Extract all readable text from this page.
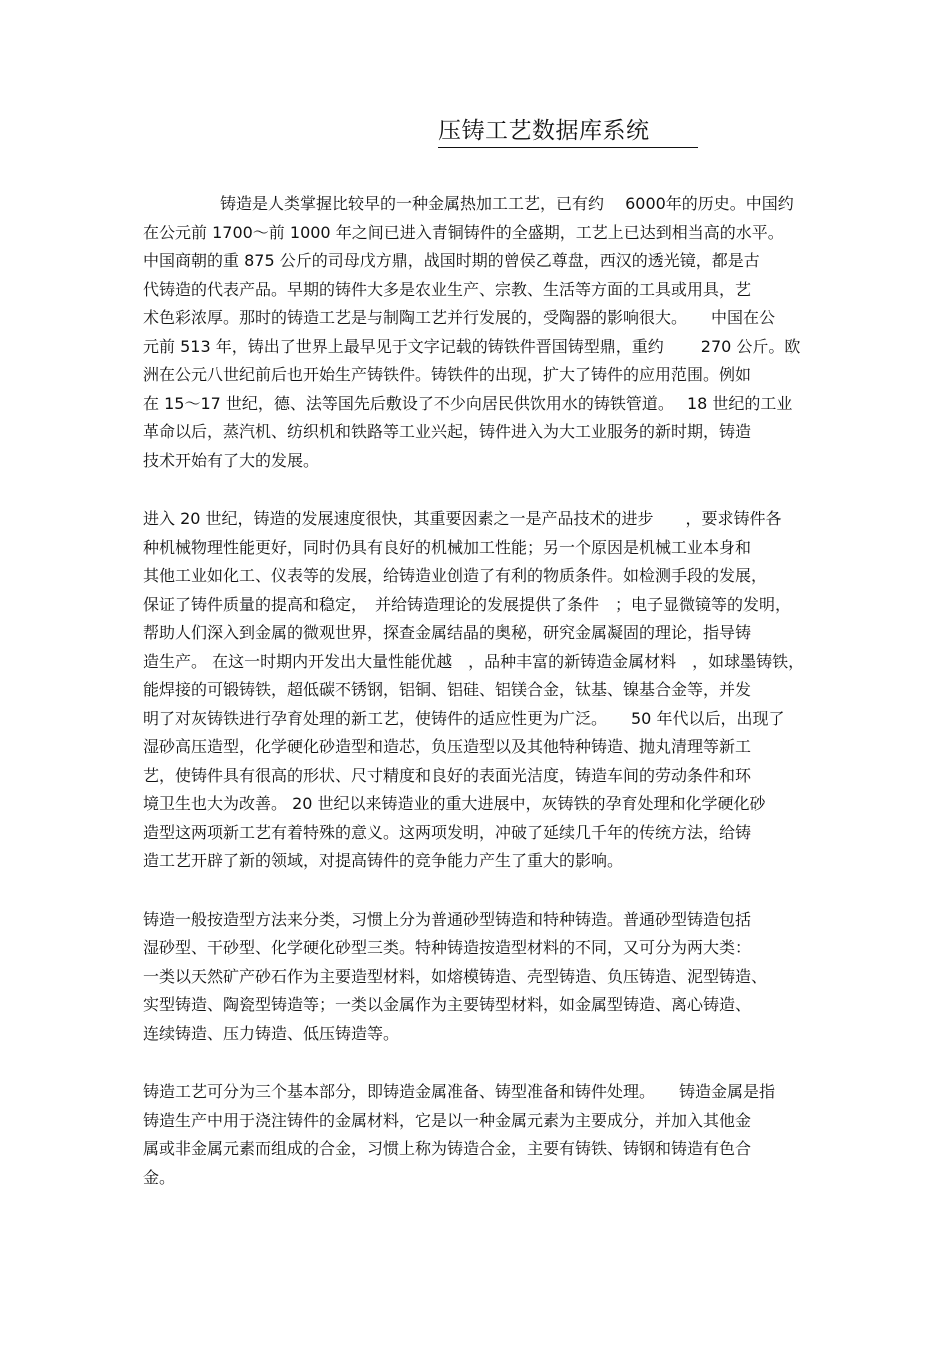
压铸工艺数据库系统
铸造是人类掌握比较早的一种金属热加工工艺，已有约　 6000年的历史。中国约
在公元前 1700～前 1000 年之间已进入青铜铸件的全盛期，工艺上已达到相当高的水平。
中国商朝的重 875 公斤的司母戊方鼎，战国时期的曾侯乙尊盘，西汉的透光镜，都是古
代铸造的代表产品。早期的铸件大多是农业生产、宗教、生活等方面的工具或用具，艺
术色彩浓厚。那时的铸造工艺是与制陶工艺并行发展的，受陶器的影响很大。　　中国在公
元前 513 年，铸出了世界上最早见于文字记载的铸铁件晋国铸型鼎，重约　　 270 公斤。欧
洲在公元八世纪前后也开始生产铸铁件。铸铁件的出现，扩大了铸件的应用范围。例如
在 15～17 世纪，德、法等国先后敷设了不少向居民供饮用水的铸铁管道。　 18 世纪的工业
革命以后，蒸汽机、纺织机和铁路等工业兴起，铸件进入为大工业服务的新时期，铸造
技术开始有了大的发展。
进入 20 世纪，铸造的发展速度很快，其重要因素之一是产品技术的进步　　，要求铸件各
种机械物理性能更好，同时仍具有良好的机械加工性能；另一个原因是机械工业本身和
其他工业如化工、仪表等的发展，给铸造业创造了有利的物质条件。如检测手段的发展，
保证了铸件质量的提高和稳定，　并给铸造理论的发展提供了条件　；电子显微镜等的发明，
帮助人们深入到金属的微观世界，探查金属结晶的奥秘，研究金属凝固的理论，指导铸
造生产。 在这一时期内开发出大量性能优越　，品种丰富的新铸造金属材料　，如球墨铸铁，
能焊接的可锻铸铁，超低碳不锈钢，铝铜、铝硅、铝镁合金，钛基、镍基合金等，并发
明了对灰铸铁进行孕育处理的新工艺，使铸件的适应性更为广泛。　　50 年代以后，出现了
湿砂高压造型，化学硬化砂造型和造芯，负压造型以及其他特种铸造、抛丸清理等新工
艺，使铸件具有很高的形状、尺寸精度和良好的表面光洁度，铸造车间的劳动条件和环
境卫生也大为改善。 20 世纪以来铸造业的重大进展中，灰铸铁的孕育处理和化学硬化砂
造型这两项新工艺有着特殊的意义。这两项发明，冲破了延续几千年的传统方法，给铸
造工艺开辟了新的领域，对提高铸件的竞争能力产生了重大的影响。
铸造一般按造型方法来分类，习惯上分为普通砂型铸造和特种铸造。普通砂型铸造包括
湿砂型、干砂型、化学硬化砂型三类。特种铸造按造型材料的不同，又可分为两大类：
一类以天然矿产砂石作为主要造型材料，如熔模铸造、壳型铸造、负压铸造、泥型铸造、
实型铸造、陶瓷型铸造等；一类以金属作为主要铸型材料，如金属型铸造、离心铸造、
连续铸造、压力铸造、低压铸造等。
铸造工艺可分为三个基本部分，即铸造金属准备、铸型准备和铸件处理。　　铸造金属是指
铸造生产中用于浇注铸件的金属材料，它是以一种金属元素为主要成分，并加入其他金
属或非金属元素而组成的合金，习惯上称为铸造合金，主要有铸铁、铸钢和铸造有色合
金。
